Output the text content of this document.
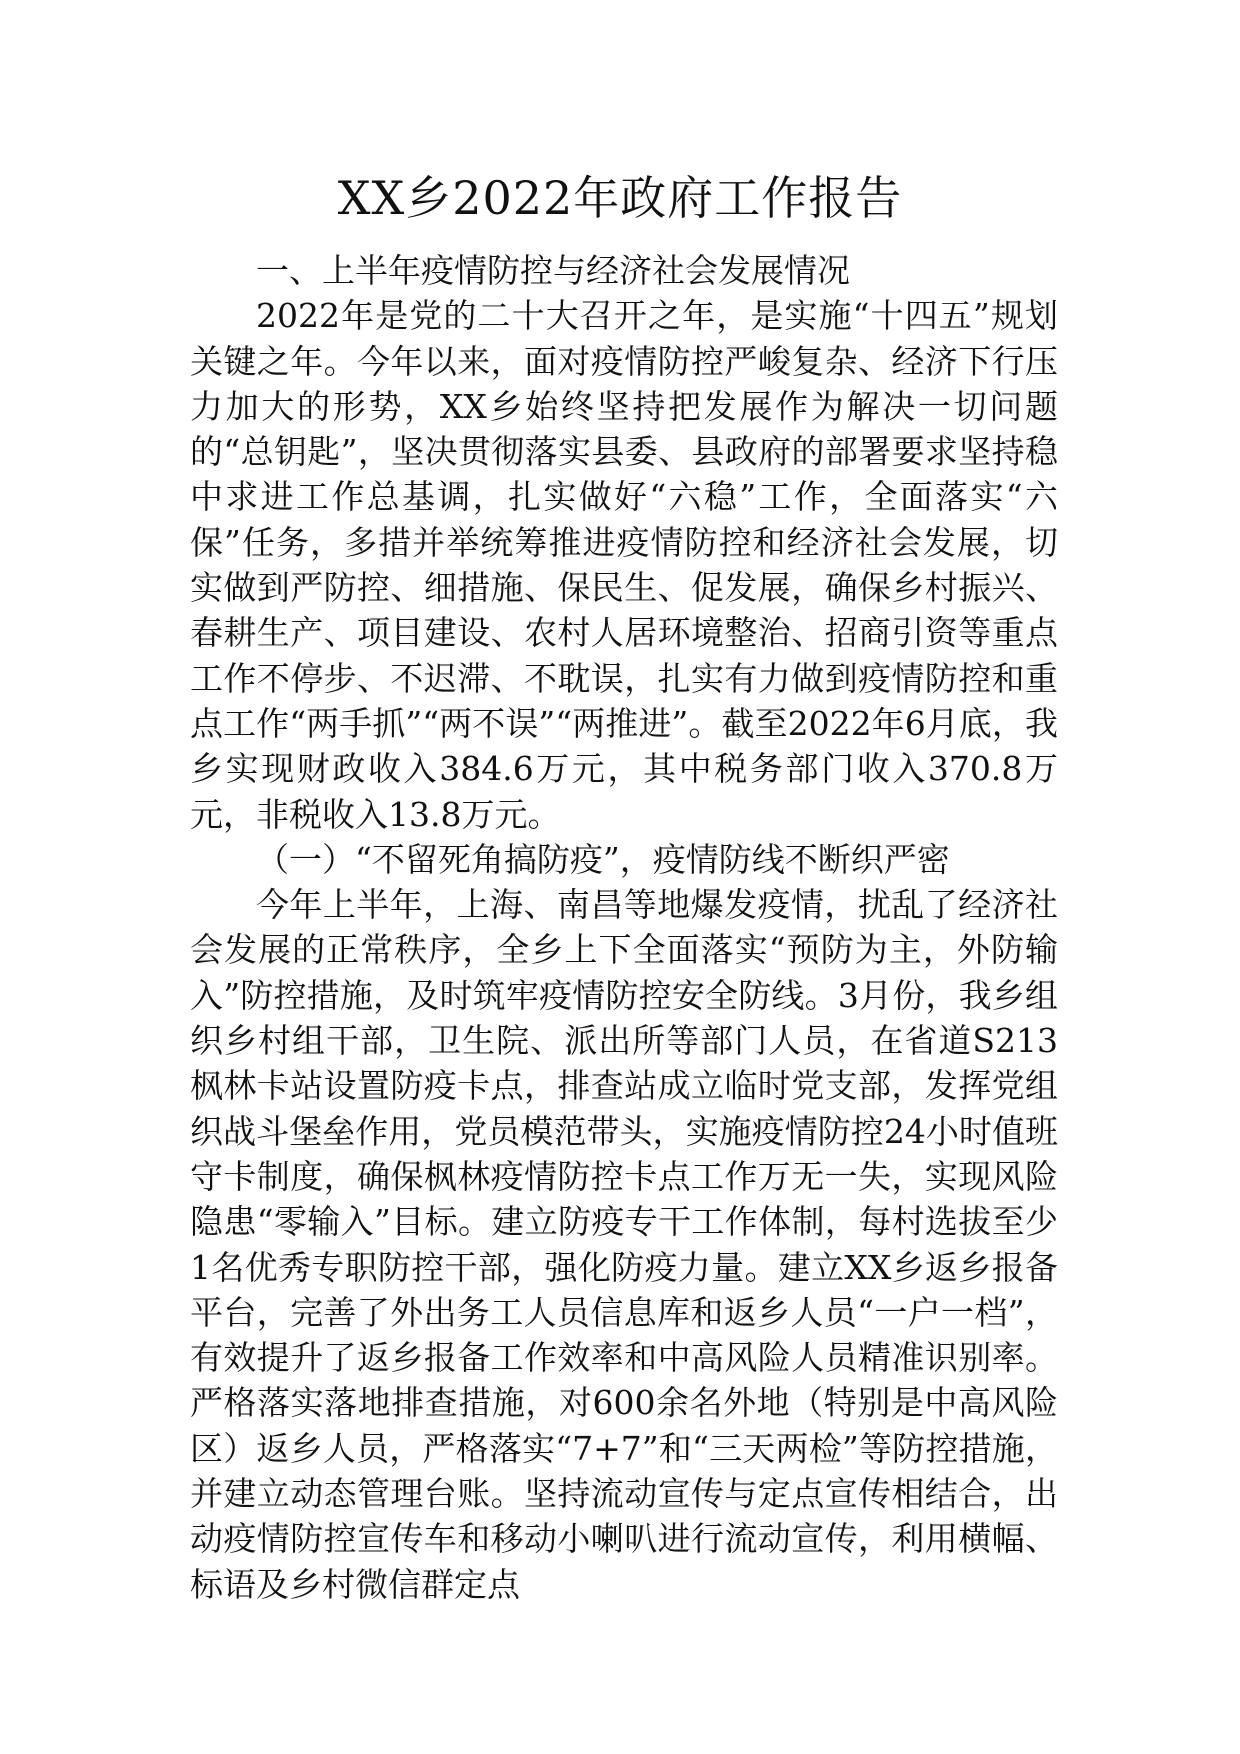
XX乡2022年政府工作报告

一、上半年疫情防控与经济社会发展情况

2022年是党的二十大召开之年，是实施“十四五”规划关键之年。今年以来，面对疫情防控严峻复杂、经济下行压力加大的形势，XX乡始终坚持把发展作为解决一切问题的“总钥匙”，坚决贯彻落实县委、县政府的部署要求坚持稳中求进工作总基调，扎实做好“六稳”工作，全面落实“六保”任务，多措并举统筹推进疫情防控和经济社会发展，切实做到严防控、细措施、保民生、促发展，确保乡村振兴、春耕生产、项目建设、农村人居环境整治、招商引资等重点工作不停步、不迟滞、不耽误，扎实有力做到疫情防控和重点工作“两手抓”“两不误”“两推进”。截至2022年6月底，我乡实现财政收入384.6万元，其中税务部门收入370.8万元，非税收入13.8万元。

（一）“不留死角搞防疫”，疫情防线不断织严密

今年上半年，上海、南昌等地爆发疫情，扰乱了经济社会发展的正常秩序，全乡上下全面落实“预防为主，外防输入”防控措施，及时筑牢疫情防控安全防线。3月份，我乡组织乡村组干部，卫生院、派出所等部门人员，在省道S213枫林卡站设置防疫卡点，排查站成立临时党支部，发挥党组织战斗堡垒作用，党员模范带头，实施疫情防控24小时值班守卡制度，确保枫林疫情防控卡点工作万无一失，实现风险隐患“零输入”目标。建立防疫专干工作体制，每村选拔至少1名优秀专职防控干部，强化防疫力量。建立XX乡返乡报备平台，完善了外出务工人员信息库和返乡人员“一户一档”，有效提升了返乡报备工作效率和中高风险人员精准识别率。严格落实落地排查措施，对600余名外地（特别是中高风险区）返乡人员，严格落实“7+7”和“三天两检”等防控措施，并建立动态管理台账。坚持流动宣传与定点宣传相结合，出动疫情防控宣传车和移动小喇叭进行流动宣传，利用横幅、标语及乡村微信群定点
